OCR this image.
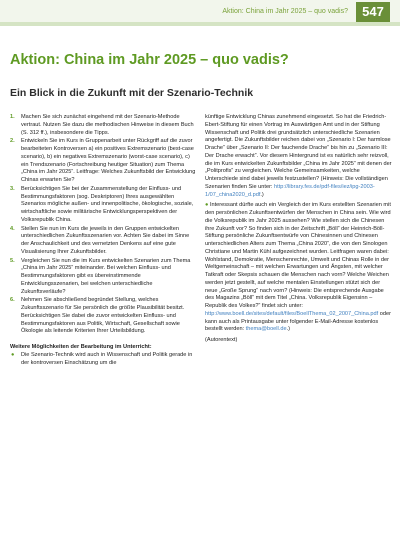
Aktion: China im Jahr 2025 – quo vadis?	547
Aktion: China im Jahr 2025 – quo vadis?
Ein Blick in die Zukunft mit der Szenario-Technik
1. Machen Sie sich zunächst eingehend mit der Szenario-Methode vertraut. Nutzen Sie dazu die methodischen Hinweise in diesem Buch (S. 312 ff.), insbesondere die Tipps.
2. Entwickeln Sie im Kurs in Gruppenarbeit unter Rückgriff auf die zuvor bearbeiteten Kontroversen a) ein positives Extremszenario (best-case scenario), b) ein negatives Extremszenario (worst-case scenario), c) ein Trendszenario (Fortschreibung heutiger Situation) zum Thema „China im Jahr 2025“. Leitfrage: Welches Zukunftsbild der Entwicklung Chinas erwarten Sie?
3. Berücksichtigen Sie bei der Zusammenstellung der Einfluss- und Bestimmungsfaktoren (sog. Deskriptoren) Ihres ausgewählten Szenarios mögliche außen- und innenpolitische, ökologische, soziale, wirtschaftliche sowie militärische Entwicklungsperspektiven der Volksrepublik China.
4. Stellen Sie nun im Kurs die jeweils in den Gruppen entwickelten unterschiedlichen Zukunftsszenarien vor. Achten Sie dabei im Sinne der Anschaulichkeit und des vernetzten Denkens auf eine gute Visualisierung Ihrer Zukunftsbilder.
5. Vergleichen Sie nun die im Kurs entwickelten Szenarien zum Thema „China im Jahr 2025“ miteinander. Bei welchen Einfluss- und Bestimmungsfaktoren gibt es übereinstimmende Entwicklungsszenarien, bei welchen unterschiedliche Zukunftsverläufe?
6. Nehmen Sie abschließend begründet Stellung, welches Zukunftsszenario für Sie persönlich die größte Plausibilität besitzt. Berücksichtigen Sie dabei die zuvor entwickelten Einfluss- und Bestimmungsfaktoren aus Politik, Wirtschaft, Gesellschaft sowie Ökologie als leitende Kriterien Ihrer Urteilsbildung.
Weitere Möglichkeiten der Bearbeitung im Unterricht:
● Die Szenario-Technik wird auch in Wissenschaft und Politik gerade in der kontroversen Einschätzung um die

künftige Entwicklung Chinas zunehmend eingesetzt. So hat die Friedrich-Ebert-Stiftung für einen Vortrag im Auswärtigen Amt und in der Stiftung Wissenschaft und Politik drei grundsätzlich unterschiedliche Szenarien angefertigt. Die Zukunftsbilder reichen dabei von „Szenario I: Der harmlose Drache“ über „Szenario II: Der fauchende Drache“ bis hin zu „Szenario III: Der Drache erwacht“. Vor diesem Hintergrund ist es natürlich sehr reizvoll, die im Kurs entwickelten Zukunftsbilder „China im Jahr 2025“ mit denen der „Politprofis“ zu vergleichen. Welche Gemeinsamkeiten, welche Unterschiede sind dabei jeweils festzustellen? (Hinweis: Die vollständigen Szenarien finden Sie unter: http://library.fes.de/pdf-files/iez/ipg-2003-1/07_china2020_d.pdf.)

● Interessant dürfte auch ein Vergleich der im Kurs erstellten Szenarien mit den persönlichen Zukunftsentwürfen der Menschen in China sein. Wie wird die Volksrepublik im Jahr 2025 aussehen? Wie stellen sich die Chinesen ihre Zukunft vor? So finden sich in der Zeitschrift „Böll“ der Heinrich-Böll-Stiftung persönliche Zukunftsentwürfe von Chinesinnen und Chinesen unterschiedlichen Alters zum Thema „China 2020“, die von den Sinologen Christiane und Martin Kühl aufgezeichnet wurden. Leitfragen waren dabei: Wohlstand, Demokratie, Menschenrechte, Umwelt und Chinas Rolle in der Weltgemeinschaft – mit welchen Erwartungen und Ängsten, mit welcher Tatkraft oder Skepsis schauen die Menschen nach vorn? Welche Weichen werden jetzt gestellt, auf welche mentalen Einstellungen stützt sich der neue „Große Sprung“ nach vorn? (Hinweis: Die entsprechende Ausgabe des Magazins „Böll“ mit dem Titel „China. Volksrepublik Eigensinn – Republik des Volkes?“ findet sich unter: http://www.boell.de/sites/default/files/BoellThema_02_2007_China.pdf oder kann auch als Printausgabe unter folgender E-Mail-Adresse kostenlos bestellt werden: thema@boell.de.)

(Autorentext)
